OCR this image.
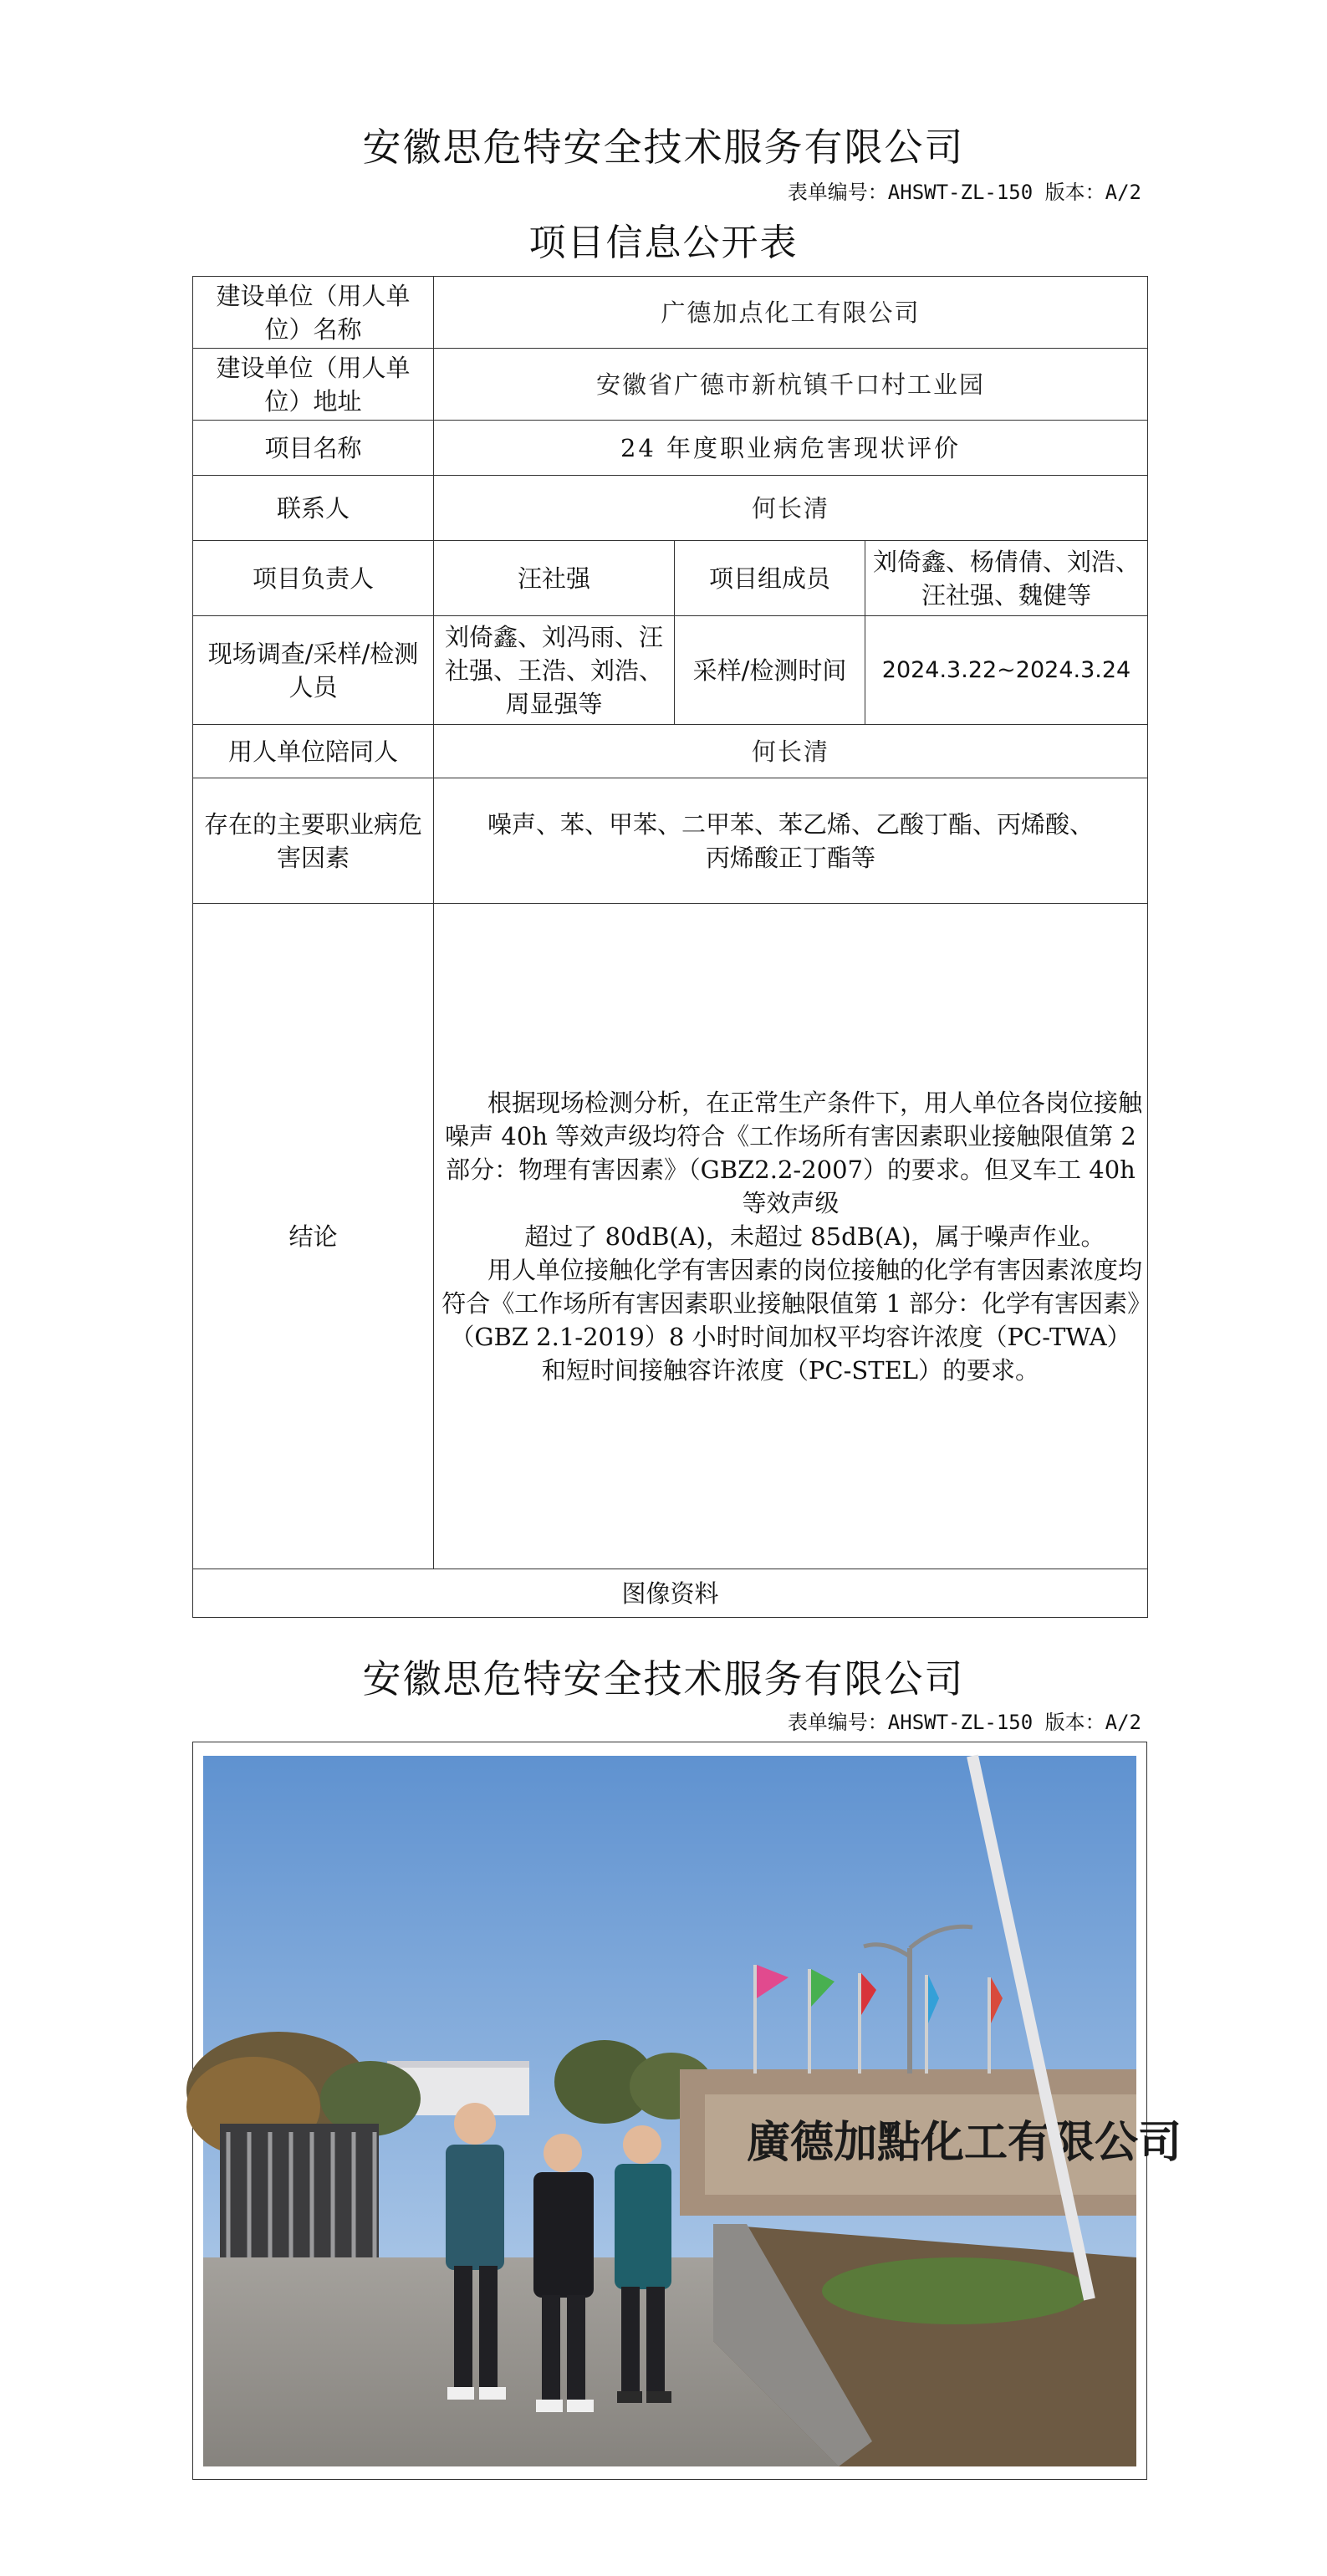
安徽思危特安全技术服务有限公司
表单编号：AHSWT-ZL-150 版本：A/2
项目信息公开表
建设单位（用人单位）名称	广德加点化工有限公司		
建设单位（用人单位）地址	安徽省广德市新杭镇千口村工业园		
项目名称	24 年度职业病危害现状评价		
联系人	何长清		
项目负责人	汪社强	项目组成员	刘倚鑫、杨倩倩、刘浩、汪社强、魏健等
现场调查/采样/检测人员	刘倚鑫、刘冯雨、汪社强、王浩、刘浩、周显强等	采样/检测时间	2024.3.22~2024.3.24
用人单位陪同人	何长清		
存在的主要职业病危害因素	噪声、苯、甲苯、二甲苯、苯乙烯、乙酸丁酯、丙烯酸、
丙烯酸正丁酯等		

结论	根据现场检测分析，在正常生产条件下，用人单位各岗位接触噪声 40h 等效声级均符合《工作场所有害因素职业接触限值第 2 部分：物理有害因素》（GBZ2.2-2007）的要求。但叉车工 40h 等效声级

超过了 80dB(A)，未超过 85dB(A)，属于噪声作业。

用人单位接触化学有害因素的岗位接触的化学有害因素浓度均符合《工作场所有害因素职业接触限值第 1 部分：化学有害因素》（GBZ 2.1-2019）8 小时时间加权平均容许浓度（PC-TWA）和短时间接触容许浓度（PC-STEL）的要求。		

图像资料			
安徽思危特安全技术服务有限公司
表单编号：AHSWT-ZL-150 版本：A/2
廣德加點化工有限公司
